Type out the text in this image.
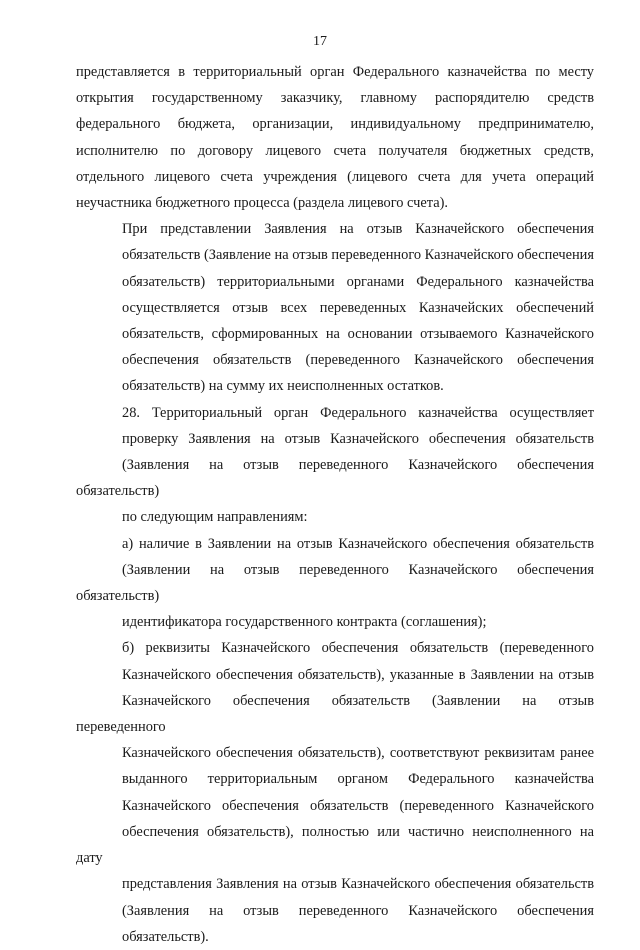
17

представляется в территориальный орган Федерального казначейства по месту
открытия государственному заказчику, главному распорядителю средств
федерального бюджета, организации, индивидуальному предпринимателю,
исполнителю по договору лицевого счета получателя бюджетных средств,
отдельного лицевого счета учреждения (лицевого счета для учета операций
неучастника бюджетного процесса (раздела лицевого счета).

При представлении Заявления на отзыв Казначейского обеспечения
обязательств (Заявление на отзыв переведенного Казначейского обеспечения
обязательств) территориальными органами Федерального казначейства
осуществляется отзыв всех переведенных Казначейских обеспечений
обязательств, сформированных на основании отзываемого Казначейского
обеспечения обязательств (переведенного Казначейского обеспечения
обязательств) на сумму их неисполненных остатков.

28. Территориальный орган Федерального казначейства осуществляет
проверку Заявления на отзыв Казначейского обеспечения обязательств
(Заявления на отзыв переведенного Казначейского обеспечения обязательств)
по следующим направлениям:

а) наличие в Заявлении на отзыв Казначейского обеспечения обязательств
(Заявлении на отзыв переведенного Казначейского обеспечения обязательств)
идентификатора государственного контракта (соглашения);

б) реквизиты Казначейского обеспечения обязательств (переведенного
Казначейского обеспечения обязательств), указанные в Заявлении на отзыв
Казначейского обеспечения обязательств (Заявлении на отзыв переведенного
Казначейского обеспечения обязательств), соответствуют реквизитам ранее
выданного территориальным органом Федерального казначейства
Казначейского обеспечения обязательств (переведенного Казначейского
обеспечения обязательств), полностью или частично неисполненного на дату
представления Заявления на отзыв Казначейского обеспечения обязательств
(Заявления на отзыв переведенного Казначейского обеспечения
обязательств).
